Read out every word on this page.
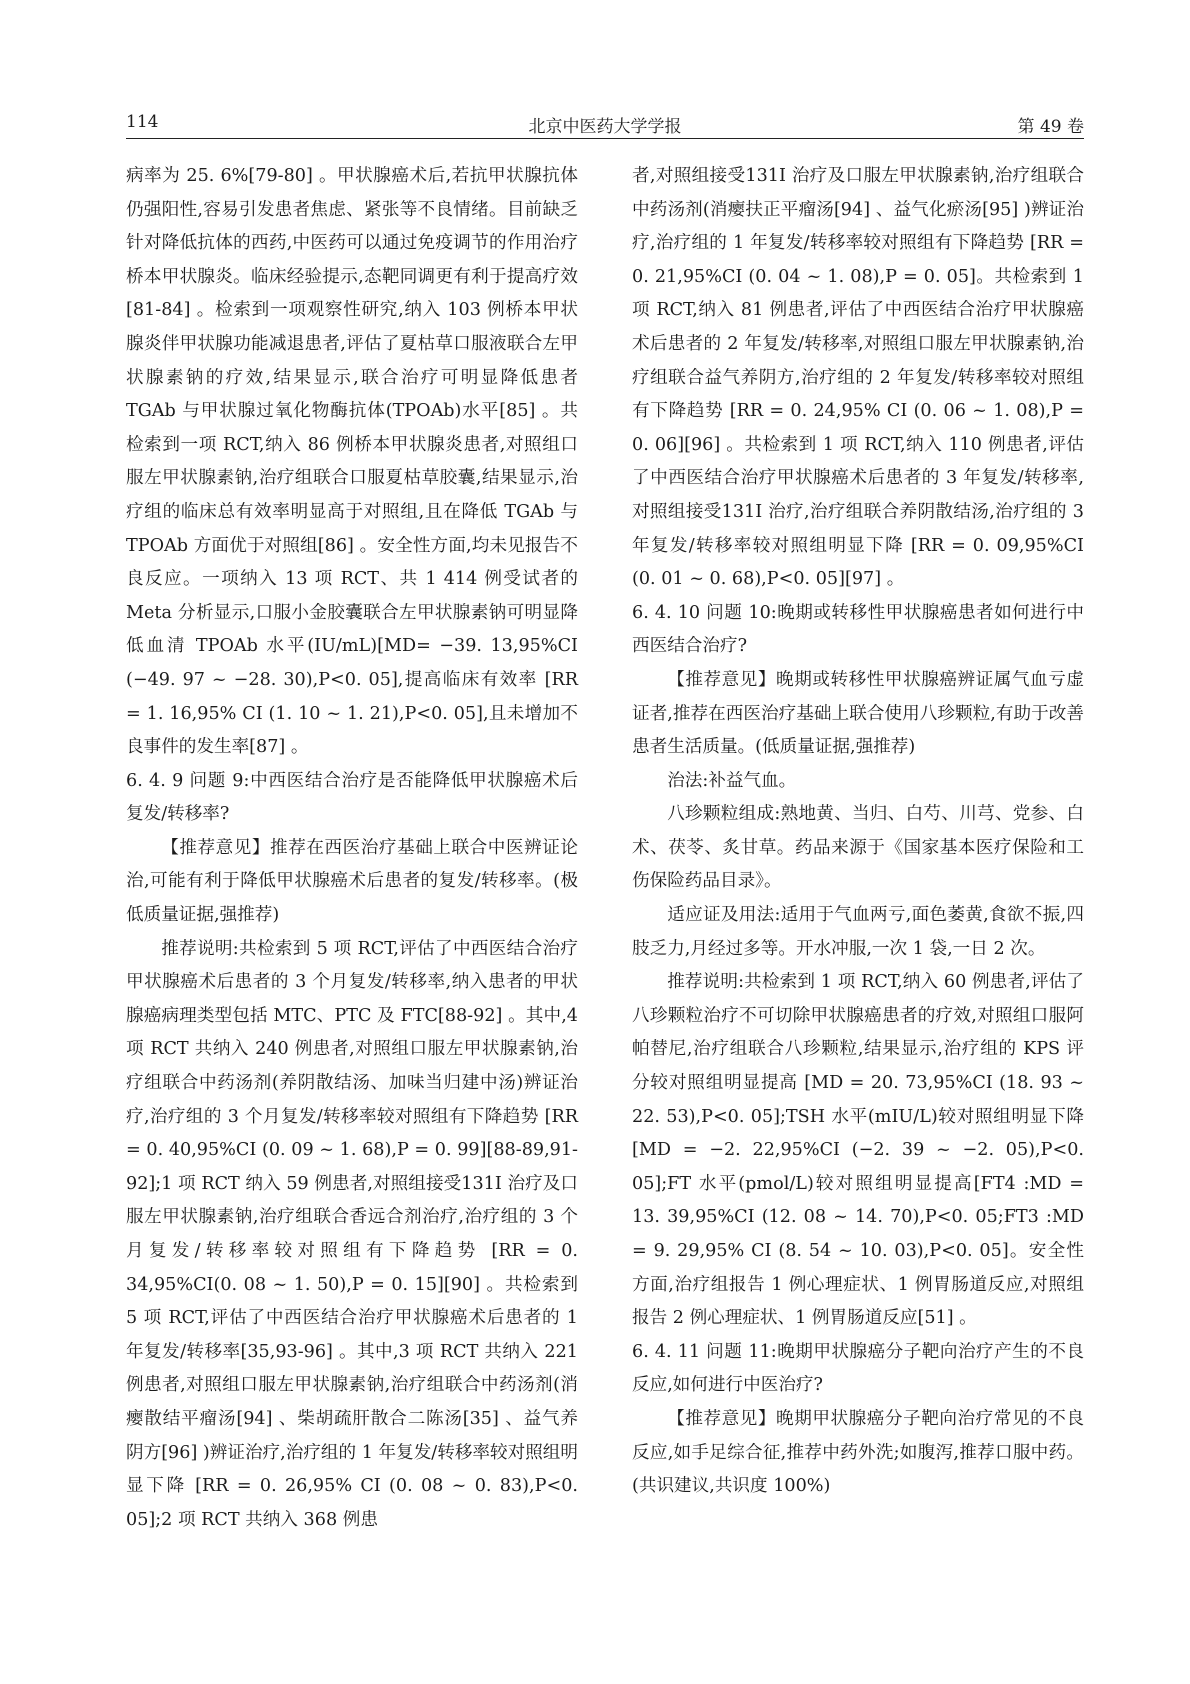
114	北京中医药大学学报	第 49 卷

病率为 25. 6%[79-80] 。甲状腺癌术后,若抗甲状腺抗体仍强阳性,容易引发患者焦虑、紧张等不良情绪。目前缺乏针对降低抗体的西药,中医药可以通过免疫调节的作用治疗桥本甲状腺炎。临床经验提示,态靶同调更有利于提高疗效[81-84] 。检索到一项观察性研究,纳入 103 例桥本甲状腺炎伴甲状腺功能减退患者,评估了夏枯草口服液联合左甲状腺素钠的疗效,结果显示,联合治疗可明显降低患者 TGAb 与甲状腺过氧化物酶抗体(TPOAb)水平[85] 。共检索到一项 RCT,纳入 86 例桥本甲状腺炎患者,对照组口服左甲状腺素钠,治疗组联合口服夏枯草胶囊,结果显示,治疗组的临床总有效率明显高于对照组,且在降低 TGAb 与 TPOAb 方面优于对照组[86] 。安全性方面,均未见报告不良反应。一项纳入 13 项 RCT、共 1 414 例受试者的 Meta 分析显示,口服小金胶囊联合左甲状腺素钠可明显降低血清 TPOAb 水平(IU/mL)[MD= −39. 13,95%CI (−49. 97 ~ −28. 30),P<0. 05],提高临床有效率 [RR = 1. 16,95% CI (1. 10 ~ 1. 21),P<0. 05],且未增加不良事件的发生率[87] 。

6. 4. 9 问题 9:中西医结合治疗是否能降低甲状腺癌术后复发/转移率?

【推荐意见】推荐在西医治疗基础上联合中医辨证论治,可能有利于降低甲状腺癌术后患者的复发/转移率。(极低质量证据,强推荐)

推荐说明:共检索到 5 项 RCT,评估了中西医结合治疗甲状腺癌术后患者的 3 个月复发/转移率,纳入患者的甲状腺癌病理类型包括 MTC、PTC 及 FTC[88-92] 。其中,4 项 RCT 共纳入 240 例患者,对照组口服左甲状腺素钠,治疗组联合中药汤剂(养阴散结汤、加味当归建中汤)辨证治疗,治疗组的 3 个月复发/转移率较对照组有下降趋势 [RR = 0. 40,95%CI (0. 09 ~ 1. 68),P = 0. 99][88-89,91-92];1 项 RCT 纳入 59 例患者,对照组接受131I 治疗及口服左甲状腺素钠,治疗组联合香远合剂治疗,治疗组的 3 个月复发/转移率较对照组有下降趋势 [RR = 0. 34,95%CI(0. 08 ~ 1. 50),P = 0. 15][90] 。共检索到 5 项 RCT,评估了中西医结合治疗甲状腺癌术后患者的 1 年复发/转移率[35,93-96] 。其中,3 项 RCT 共纳入 221 例患者,对照组口服左甲状腺素钠,治疗组联合中药汤剂(消瘿散结平瘤汤[94] 、柴胡疏肝散合二陈汤[35] 、益气养阴方[96] )辨证治疗,治疗组的 1 年复发/转移率较对照组明显下降 [RR = 0. 26,95% CI (0. 08 ~ 0. 83),P<0. 05];2 项 RCT 共纳入 368 例患

者,对照组接受131I 治疗及口服左甲状腺素钠,治疗组联合中药汤剂(消瘿扶正平瘤汤[94] 、益气化瘀汤[95] )辨证治疗,治疗组的 1 年复发/转移率较对照组有下降趋势 [RR = 0. 21,95%CI (0. 04 ~ 1. 08),P = 0. 05]。共检索到 1 项 RCT,纳入 81 例患者,评估了中西医结合治疗甲状腺癌术后患者的 2 年复发/转移率,对照组口服左甲状腺素钠,治疗组联合益气养阴方,治疗组的 2 年复发/转移率较对照组有下降趋势 [RR = 0. 24,95% CI (0. 06 ~ 1. 08),P = 0. 06][96] 。共检索到 1 项 RCT,纳入 110 例患者,评估了中西医结合治疗甲状腺癌术后患者的 3 年复发/转移率,对照组接受131I 治疗,治疗组联合养阴散结汤,治疗组的 3 年复发/转移率较对照组明显下降 [RR = 0. 09,95%CI (0. 01 ~ 0. 68),P<0. 05][97] 。

6. 4. 10 问题 10:晚期或转移性甲状腺癌患者如何进行中西医结合治疗?

【推荐意见】晚期或转移性甲状腺癌辨证属气血亏虚证者,推荐在西医治疗基础上联合使用八珍颗粒,有助于改善患者生活质量。(低质量证据,强推荐)

治法:补益气血。

八珍颗粒组成:熟地黄、当归、白芍、川芎、党参、白术、茯苓、炙甘草。药品来源于《国家基本医疗保险和工伤保险药品目录》。

适应证及用法:适用于气血两亏,面色萎黄,食欲不振,四肢乏力,月经过多等。开水冲服,一次 1 袋,一日 2 次。

推荐说明:共检索到 1 项 RCT,纳入 60 例患者,评估了八珍颗粒治疗不可切除甲状腺癌患者的疗效,对照组口服阿帕替尼,治疗组联合八珍颗粒,结果显示,治疗组的 KPS 评分较对照组明显提高 [MD = 20. 73,95%CI (18. 93 ~ 22. 53),P<0. 05];TSH 水平(mIU/L)较对照组明显下降 [MD = −2. 22,95%CI (−2. 39 ~ −2. 05),P<0. 05];FT 水平(pmol/L)较对照组明显提高[FT4 :MD = 13. 39,95%CI (12. 08 ~ 14. 70),P<0. 05;FT3 :MD = 9. 29,95% CI (8. 54 ~ 10. 03),P<0. 05]。安全性方面,治疗组报告 1 例心理症状、1 例胃肠道反应,对照组报告 2 例心理症状、1 例胃肠道反应[51] 。

6. 4. 11 问题 11:晚期甲状腺癌分子靶向治疗产生的不良反应,如何进行中医治疗?

【推荐意见】晚期甲状腺癌分子靶向治疗常见的不良反应,如手足综合征,推荐中药外洗;如腹泻,推荐口服中药。(共识建议,共识度 100%)
